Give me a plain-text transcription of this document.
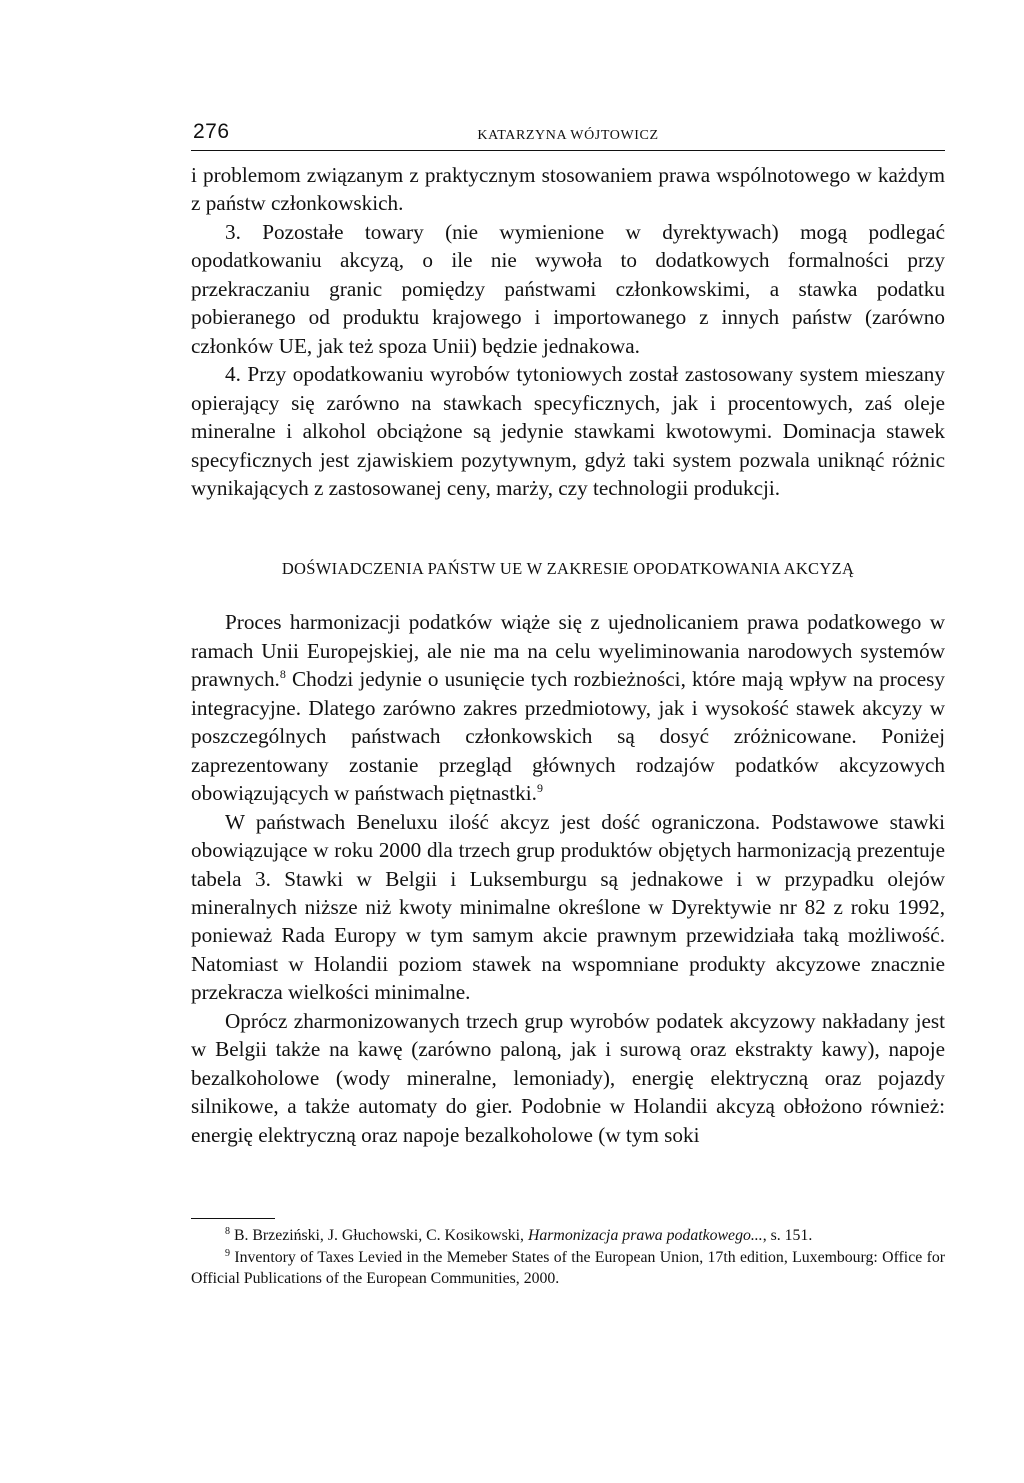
276	KATARZYNA WÓJTOWICZ

i problemom związanym z praktycznym stosowaniem prawa wspólnotowego w każdym z państw członkowskich.

3. Pozostałe towary (nie wymienione w dyrektywach) mogą podlegać opodatkowaniu akcyzą, o ile nie wywoła to dodatkowych formalności przy przekraczaniu granic pomiędzy państwami członkowskimi, a stawka podatku pobieranego od produktu krajowego i importowanego z innych państw (zarówno członków UE, jak też spoza Unii) będzie jednakowa.

4. Przy opodatkowaniu wyrobów tytoniowych został zastosowany system mieszany opierający się zarówno na stawkach specyficznych, jak i procentowych, zaś oleje mineralne i alkohol obciążone są jedynie stawkami kwotowymi. Dominacja stawek specyficznych jest zjawiskiem pozytywnym, gdyż taki system pozwala uniknąć różnic wynikających z zastosowanej ceny, marży, czy technologii produkcji.

DOŚWIADCZENIA PAŃSTW UE W ZAKRESIE OPODATKOWANIA AKCYZĄ

Proces harmonizacji podatków wiąże się z ujednolicaniem prawa podatkowego w ramach Unii Europejskiej, ale nie ma na celu wyeliminowania narodowych systemów prawnych.$^8$ Chodzi jedynie o usunięcie tych rozbieżności, które mają wpływ na procesy integracyjne. Dlatego zarówno zakres przedmiotowy, jak i wysokość stawek akcyzy w poszczególnych państwach członkowskich są dosyć zróżnicowane. Poniżej zaprezentowany zostanie przegląd głównych rodzajów podatków akcyzowych obowiązujących w państwach piętnastki.$^9$

W państwach Beneluxu ilość akcyz jest dość ograniczona. Podstawowe stawki obowiązujące w roku 2000 dla trzech grup produktów objętych harmonizacją prezentuje tabela 3. Stawki w Belgii i Luksemburgu są jednakowe i w przypadku olejów mineralnych niższe niż kwoty minimalne określone w Dyrektywie nr 82 z roku 1992, ponieważ Rada Europy w tym samym akcie prawnym przewidziała taką możliwość. Natomiast w Holandii poziom stawek na wspomniane produkty akcyzowe znacznie przekracza wielkości minimalne.

Oprócz zharmonizowanych trzech grup wyrobów podatek akcyzowy nakładany jest w Belgii także na kawę (zarówno paloną, jak i surową oraz ekstrakty kawy), napoje bezalkoholowe (wody mineralne, lemoniady), energię elektryczną oraz pojazdy silnikowe, a także automaty do gier. Podobnie w Holandii akcyzą obłożono również: energię elektryczną oraz napoje bezalkoholowe (w tym soki

$^8$ B. Brzeziński, J. Głuchowski, C. Kosikowski, Harmonizacja prawa podatkowego..., s. 151.

$^9$ Inventory of Taxes Levied in the Memeber States of the European Union, 17th edition, Luxembourg: Office for Official Publications of the European Communities, 2000.
